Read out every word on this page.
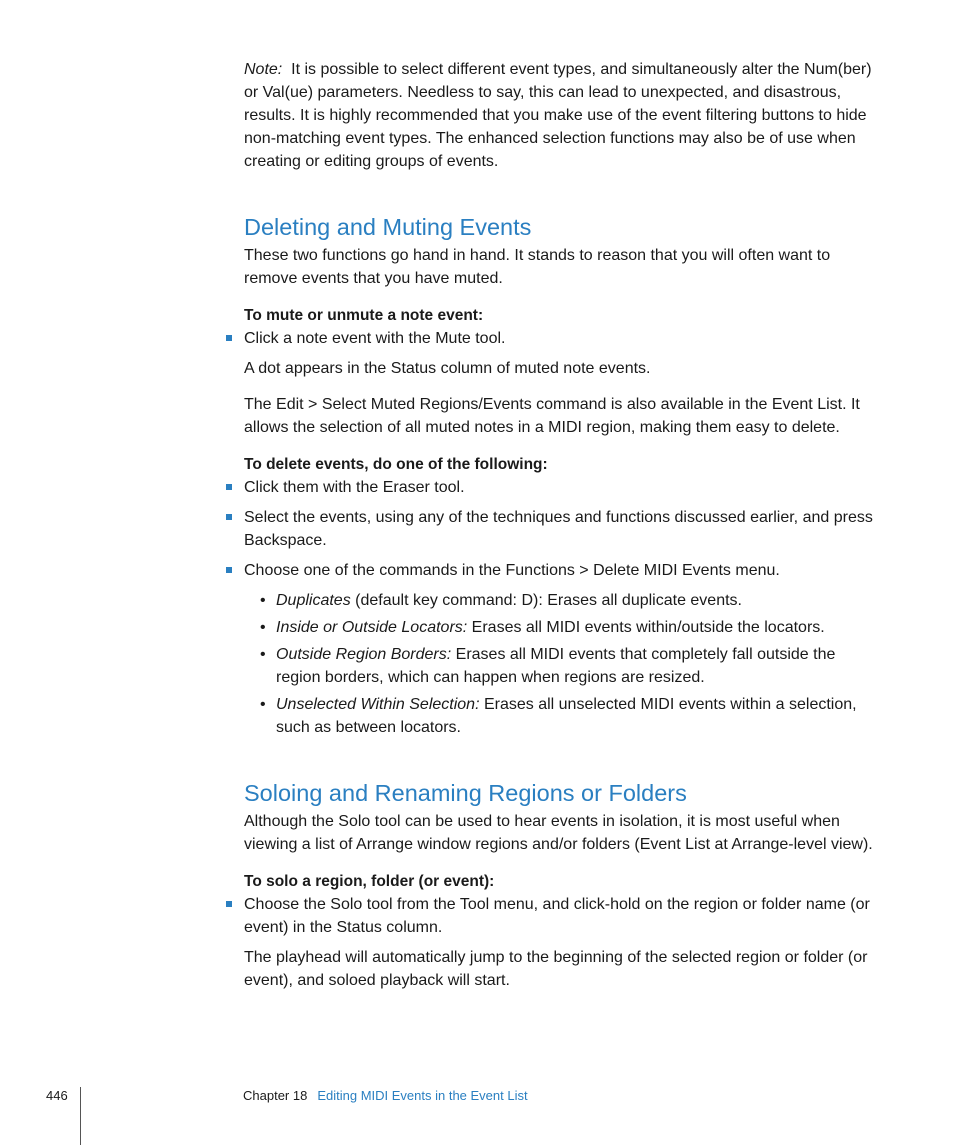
Note: It is possible to select different event types, and simultaneously alter the Num(ber) or Val(ue) parameters. Needless to say, this can lead to unexpected, and disastrous, results. It is highly recommended that you make use of the event filtering buttons to hide non-matching event types. The enhanced selection functions may also be of use when creating or editing groups of events.

Deleting and Muting Events

These two functions go hand in hand. It stands to reason that you will often want to remove events that you have muted.

To mute or unmute a note event:

Click a note event with the Mute tool.

A dot appears in the Status column of muted note events.

The Edit > Select Muted Regions/Events command is also available in the Event List. It allows the selection of all muted notes in a MIDI region, making them easy to delete.

To delete events, do one of the following:

Click them with the Eraser tool.
Select the events, using any of the techniques and functions discussed earlier, and press Backspace.
Choose one of the commands in the Functions > Delete MIDI Events menu.
• Duplicates (default key command: D): Erases all duplicate events.
• Inside or Outside Locators: Erases all MIDI events within/outside the locators.
• Outside Region Borders: Erases all MIDI events that completely fall outside the region borders, which can happen when regions are resized.
• Unselected Within Selection: Erases all unselected MIDI events within a selection, such as between locators.
Soloing and Renaming Regions or Folders

Although the Solo tool can be used to hear events in isolation, it is most useful when viewing a list of Arrange window regions and/or folders (Event List at Arrange-level view).

To solo a region, folder (or event):

Choose the Solo tool from the Tool menu, and click-hold on the region or folder name (or event) in the Status column.

The playhead will automatically jump to the beginning of the selected region or folder (or event), and soloed playback will start.

446	Chapter 18 Editing MIDI Events in the Event List
